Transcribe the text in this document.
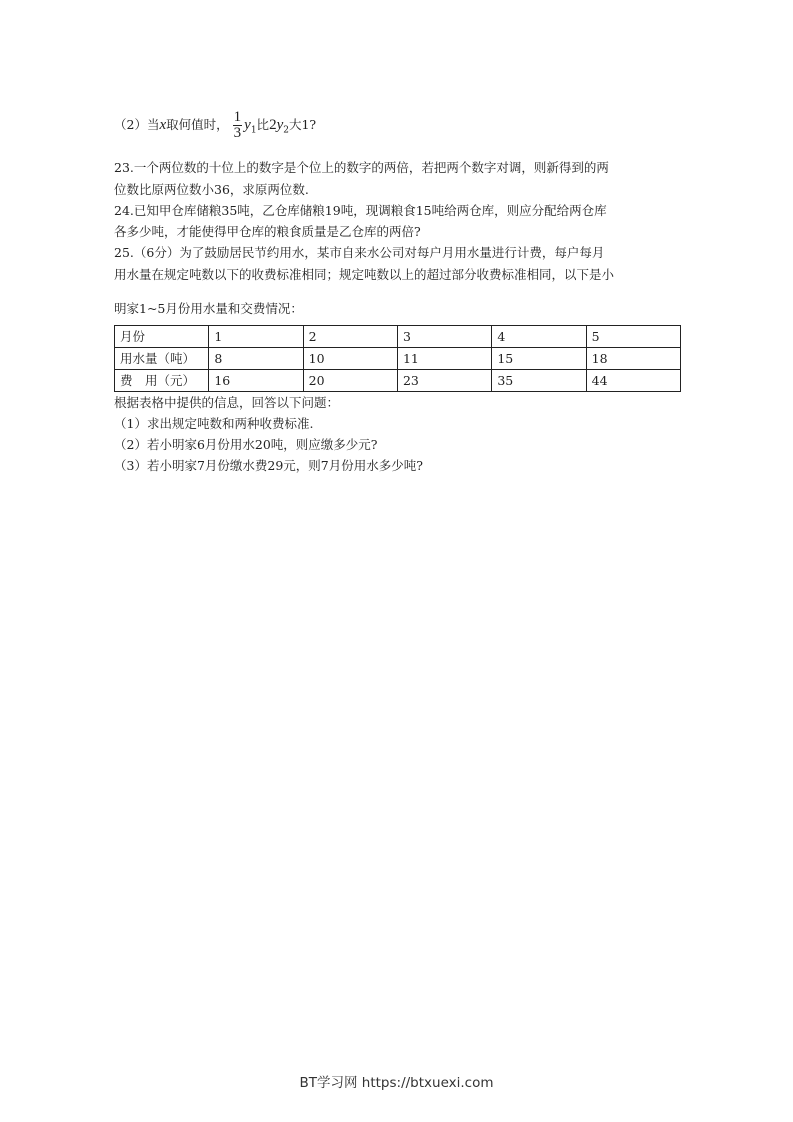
（2）当x取何值时， $\frac{1}{3} y_1$比$2y_2$大1?
23.一个两位数的十位上的数字是个位上的数字的两倍，若把两个数字对调，则新得到的两
位数比原两位数小36，求原两位数.
24.已知甲仓库储粮35吨，乙仓库储粮19吨，现调粮食15吨给两仓库，则应分配给两仓库
各多少吨，才能使得甲仓库的粮食质量是乙仓库的两倍?
25.（6分）为了鼓励居民节约用水，某市自来水公司对每户月用水量进行计费，每户每月
用水量在规定吨数以下的收费标准相同；规定吨数以上的超过部分收费标准相同，以下是小
明家1~5月份用水量和交费情况：
月份	1	2	3	4	5
用水量（吨）	8	10	11	15	18
费　用（元）	16	20	23	35	44
根据表格中提供的信息，回答以下问题：
（1）求出规定吨数和两种收费标准.
（2）若小明家6月份用水20吨，则应缴多少元?
（3）若小明家7月份缴水费29元，则7月份用水多少吨?
BT学习网 https://btxuexi.com
